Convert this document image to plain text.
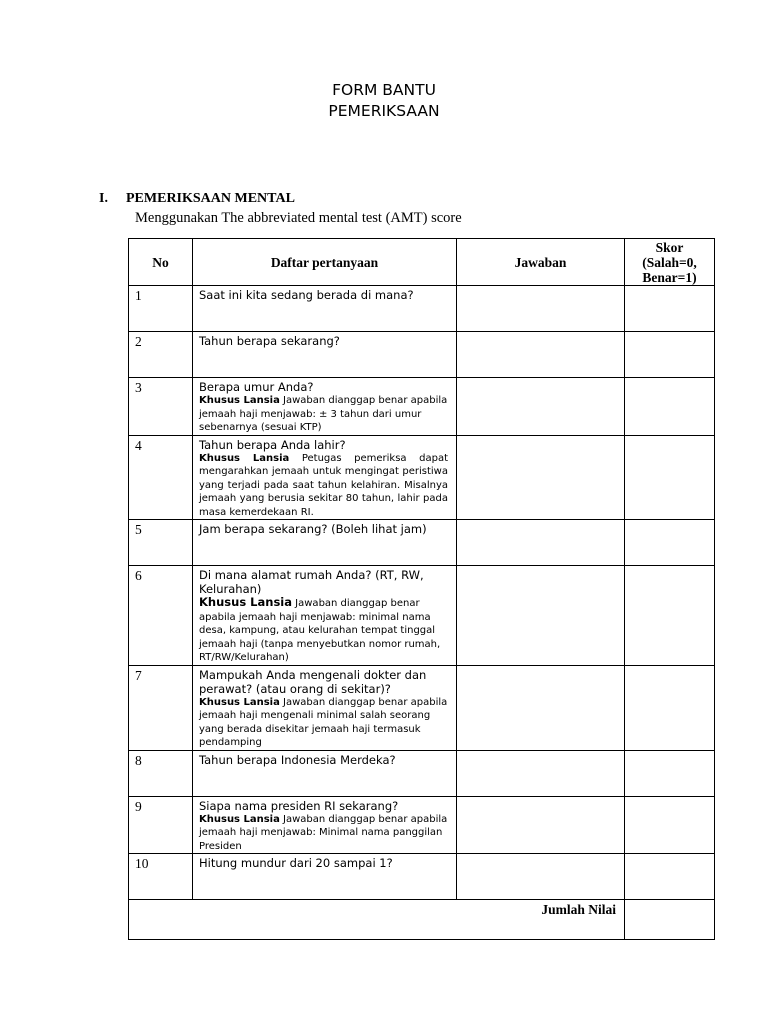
FORM BANTU
PEMERIKSAAN
I. PEMERIKSAAN MENTAL
Menggunakan The abbreviated mental test (AMT) score
No	Daftar pertanyaan	Jawaban	Skor
(Salah=0,
Benar=1)

1	Saat ini kita sedang berada di mana?		

2	Tahun berapa sekarang?		

3	Berapa umur Anda?
Khusus Lansia Jawaban dianggap benar apabila jemaah haji menjawab: ± 3 tahun dari umur sebenarnya (sesuai KTP)		

4	Tahun berapa Anda lahir?
Khusus Lansia Petugas pemeriksa dapat mengarahkan jemaah untuk mengingat peristiwa yang terjadi pada saat tahun kelahiran. Misalnya jemaah yang berusia sekitar 80 tahun, lahir pada masa kemerdekaan RI.		

5	Jam berapa sekarang? (Boleh lihat jam)		

6	Di mana alamat rumah Anda? (RT, RW, Kelurahan)
Khusus Lansia Jawaban dianggap benar apabila jemaah haji menjawab: minimal nama desa, kampung, atau kelurahan tempat tinggal jemaah haji (tanpa menyebutkan nomor rumah, RT/RW/Kelurahan)		

7	Mampukah Anda mengenali dokter dan perawat? (atau orang di sekitar)?
Khusus Lansia Jawaban dianggap benar apabila jemaah haji mengenali minimal salah seorang yang berada disekitar jemaah haji termasuk pendamping		

8	Tahun berapa Indonesia Merdeka?		

9	Siapa nama presiden RI sekarang?
Khusus Lansia Jawaban dianggap benar apabila jemaah haji menjawab: Minimal nama panggilan Presiden		

10	Hitung mundur dari 20 sampai 1?		

Jumlah Nilai			
